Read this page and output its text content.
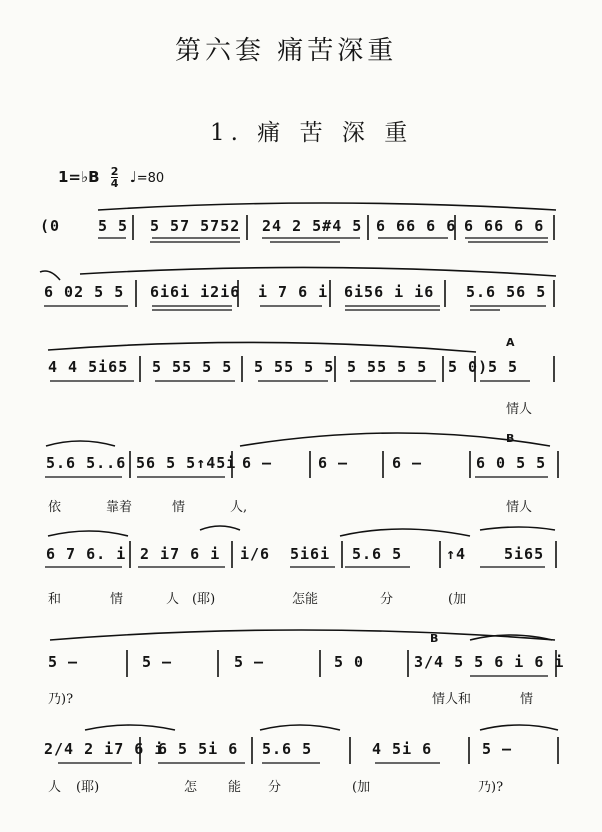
第六套 痛苦深重
1. 痛 苦 深 重
1=♭B $\frac{2}{4}$ ♩=80
(0	5 5 5 57 5752 24 2 5#4 5 6 66 6 6 6 66 6 6
6 02 5 5 6i6i i2i6 i 7 6 i 6i56 i i6 5.6 56 5
4 4 5i65 5 55 5 5 5 55 5 5 5 55 5 5 5 0) 5 5
A
情人
B
5.6 5..6 56 5 5↑45i 6 –	6 –	6 –	6 0 5 5
依	靠着	情	人,	情人
6 7 6. i 2 i7 6 i i/6 5i6i 5.6 5	↑4	5i65
和	情	人 (耶)	怎能	分	(加
B
5 –	5 –	5 –	5 0	3/4 5 5 6 i 6 i
乃)?	情人和	情
2/4 2 i7 6 i
6 5 5i 6 5.6 5	4 5i 6	5 –
人 (耶)	怎 能 分	(加	乃)?
